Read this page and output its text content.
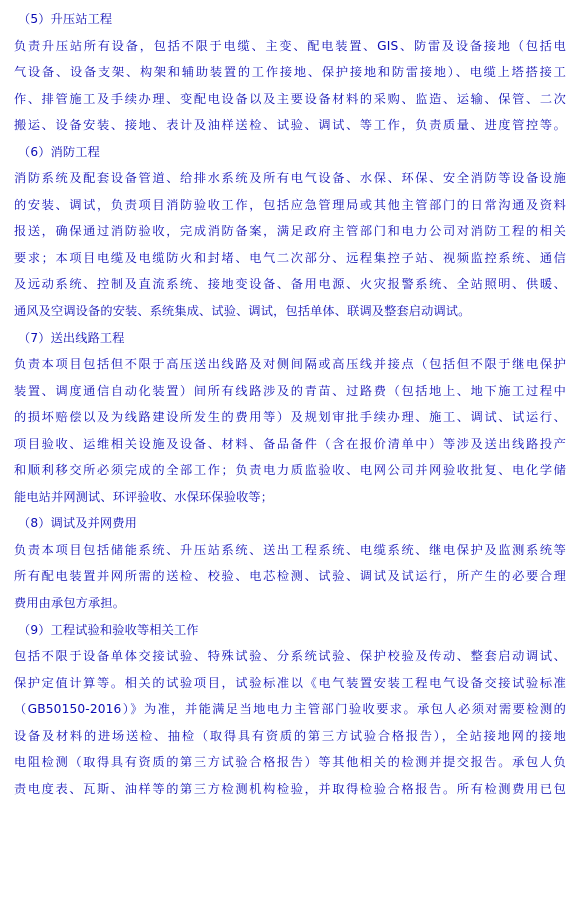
（5）升压站工程
负责升压站所有设备，包括不限于电缆、主变、配电装置、GIS、防雷及设备接地（包括电
气设备、设备支架、构架和辅助装置的工作接地、保护接地和防雷接地）、电缆上塔搭接工
作、排管施工及手续办理、变配电设备以及主要设备材料的采购、监造、运输、保管、二次
搬运、设备安装、接地、表计及油样送检、试验、调试、等工作，负责质量、进度管控等。
（6）消防工程
消防系统及配套设备管道、给排水系统及所有电气设备、水保、环保、安全消防等设备设施
的安装、调试，负责项目消防验收工作，包括应急管理局或其他主管部门的日常沟通及资料
报送，确保通过消防验收，完成消防备案，满足政府主管部门和电力公司对消防工程的相关
要求；本项目电缆及电缆防火和封堵、电气二次部分、远程集控子站、视频监控系统、通信
及远动系统、控制及直流系统、接地变设备、备用电源、火灾报警系统、全站照明、供暖、
通风及空调设备的安装、系统集成、试验、调试，包括单体、联调及整套启动调试。
（7）送出线路工程
负责本项目包括但不限于高压送出线路及对侧间隔或高压线并接点（包括但不限于继电保护
装置、调度通信自动化装置）间所有线路涉及的青苗、过路费（包括地上、地下施工过程中
的损坏赔偿以及为线路建设所发生的费用等）及规划审批手续办理、施工、调试、试运行、
项目验收、运维相关设施及设备、材料、备品备件（含在报价清单中）等涉及送出线路投产
和顺利移交所必须完成的全部工作；负责电力质监验收、电网公司并网验收批复、电化学储
能电站并网测试、环评验收、水保环保验收等；
（8）调试及并网费用
负责本项目包括储能系统、升压站系统、送出工程系统、电缆系统、继电保护及监测系统等
所有配电装置并网所需的送检、校验、电芯检测、试验、调试及试运行，所产生的必要合理
费用由承包方承担。
（9）工程试验和验收等相关工作
包括不限于设备单体交接试验、特殊试验、分系统试验、保护校验及传动、整套启动调试、
保护定值计算等。相关的试验项目，试验标准以《电气装置安装工程电气设备交接试验标准
（GB50150-2016）》为准，并能满足当地电力主管部门验收要求。承包人必须对需要检测的
设备及材料的进场送检、抽检（取得具有资质的第三方试验合格报告），全站接地网的接地
电阻检测（取得具有资质的第三方试验合格报告）等其他相关的检测并提交报告。承包人负
责电度表、瓦斯、油样等的第三方检测机构检验，并取得检验合格报告。所有检测费用已包
